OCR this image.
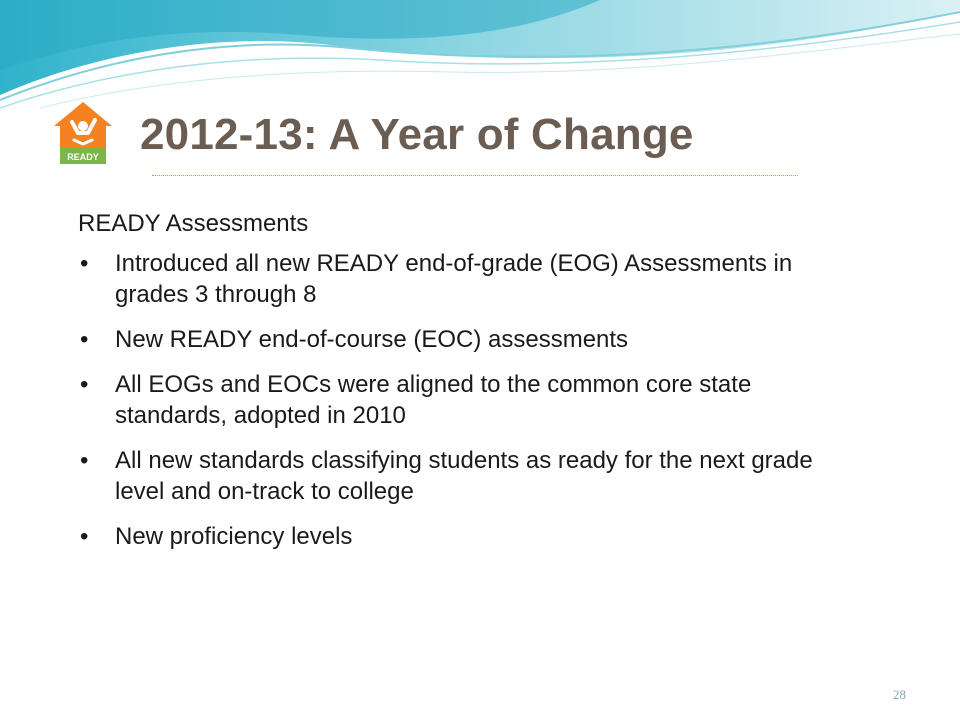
READY 2012-13: A Year of Change
READY Assessments
• Introduced all new READY end-of-grade (EOG) Assessments in grades 3 through 8
• New READY end-of-course (EOC) assessments
• All EOGs and EOCs were aligned to the common core state standards, adopted in 2010
• All new standards classifying students as ready for the next grade level and on-track to college
• New proficiency levels
28
